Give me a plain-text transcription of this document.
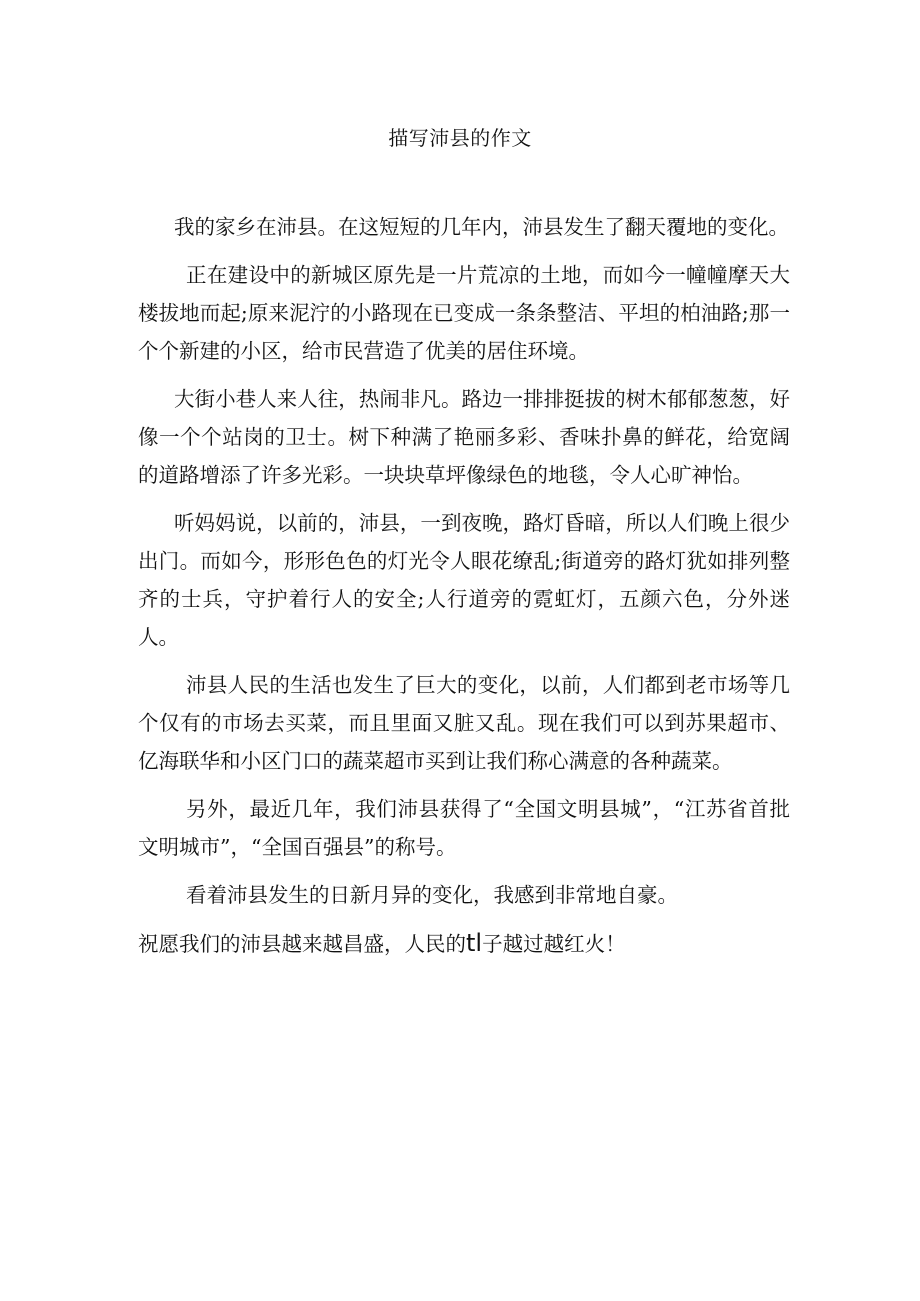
描写沛县的作文

我的家乡在沛县。在这短短的几年内，沛县发生了翻天覆地的变化。

正在建设中的新城区原先是一片荒凉的土地，而如今一幢幢摩天大楼拔地而起;原来泥泞的小路现在已变成一条条整洁、平坦的柏油路;那一个个新建的小区，给市民营造了优美的居住环境。

大街小巷人来人往，热闹非凡。路边一排排挺拔的树木郁郁葱葱，好像一个个站岗的卫士。树下种满了艳丽多彩、香味扑鼻的鲜花，给宽阔的道路增添了许多光彩。一块块草坪像绿色的地毯，令人心旷神怡。

听妈妈说，以前的，沛县，一到夜晚，路灯昏暗，所以人们晚上很少出门。而如今，形形色色的灯光令人眼花缭乱;街道旁的路灯犹如排列整齐的士兵，守护着行人的安全;人行道旁的霓虹灯，五颜六色，分外迷人。

沛县人民的生活也发生了巨大的变化，以前，人们都到老市场等几个仅有的市场去买菜，而且里面又脏又乱。现在我们可以到苏果超市、亿海联华和小区门口的蔬菜超市买到让我们称心满意的各种蔬菜。

另外，最近几年，我们沛县获得了“全国文明县城”，“江苏省首批文明城市”，“全国百强县”的称号。

看着沛县发生的日新月异的变化，我感到非常地自豪。

祝愿我们的沛县越来越昌盛，人民的tl子越过越红火！
